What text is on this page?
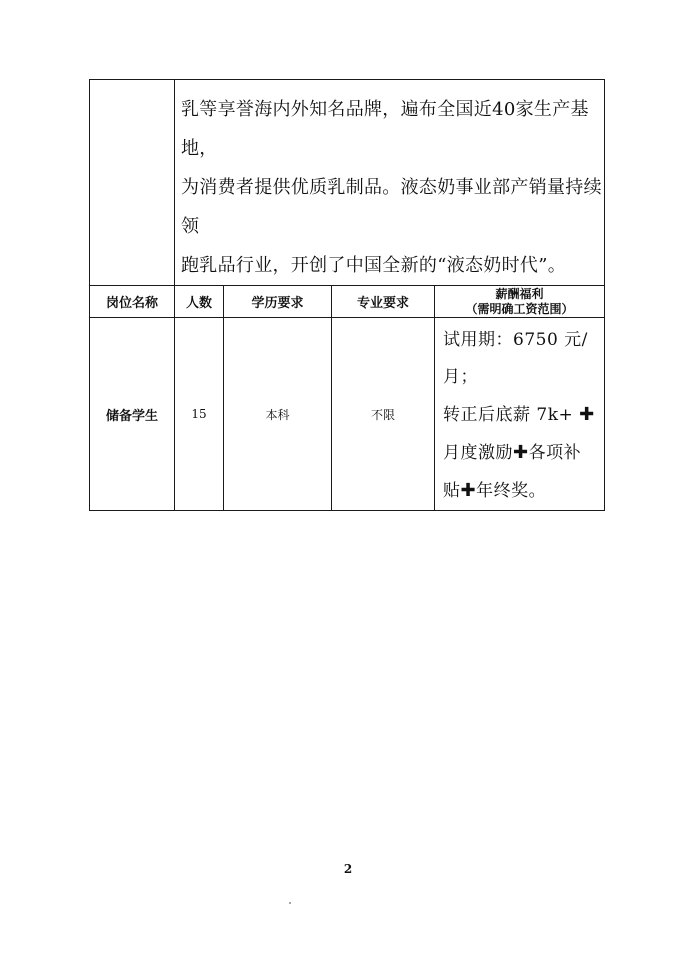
	乳等享誉海内外知名品牌，遍布全国近40家生产基地，
为消费者提供优质乳制品。液态奶事业部产销量持续领
跑乳品行业，开创了中国全新的“液态奶时代”。			

岗位名称	人数	学历要求	专业要求	薪酬福利
（需明确工资范围）

储备学生	15	本科	不限	试用期：6750 元/
月；
转正后底薪 7k+ ✚
月度激励✚各项补
贴✚年终奖。
2
